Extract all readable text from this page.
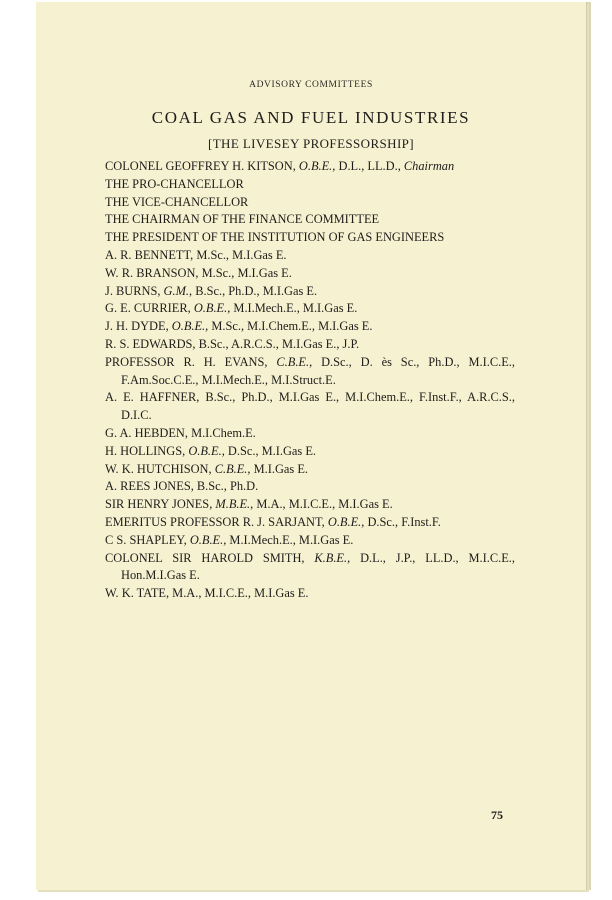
ADVISORY COMMITTEES
COAL GAS AND FUEL INDUSTRIES
[THE LIVESEY PROFESSORSHIP]
COLONEL GEOFFREY H. KITSON, O.B.E., D.L., LL.D., Chairman
THE PRO-CHANCELLOR
THE VICE-CHANCELLOR
THE CHAIRMAN OF THE FINANCE COMMITTEE
THE PRESIDENT OF THE INSTITUTION OF GAS ENGINEERS
A. R. BENNETT, M.Sc., M.I.Gas E.
W. R. BRANSON, M.Sc., M.I.Gas E.
J. BURNS, G.M., B.Sc., Ph.D., M.I.Gas E.
G. E. CURRIER, O.B.E., M.I.Mech.E., M.I.Gas E.
J. H. DYDE, O.B.E., M.Sc., M.I.Chem.E., M.I.Gas E.
R. S. EDWARDS, B.Sc., A.R.C.S., M.I.Gas E., J.P.
PROFESSOR R. H. EVANS, C.B.E., D.Sc., D. ès Sc., Ph.D., M.I.C.E., F.Am.Soc.C.E., M.I.Mech.E., M.I.Struct.E.
A. E. HAFFNER, B.Sc., Ph.D., M.I.Gas E., M.I.Chem.E., F.Inst.F., A.R.C.S., D.I.C.
G. A. HEBDEN, M.I.Chem.E.
H. HOLLINGS, O.B.E., D.Sc., M.I.Gas E.
W. K. HUTCHISON, C.B.E., M.I.Gas E.
A. REES JONES, B.Sc., Ph.D.
SIR HENRY JONES, M.B.E., M.A., M.I.C.E., M.I.Gas E.
EMERITUS PROFESSOR R. J. SARJANT, O.B.E., D.Sc., F.Inst.F.
C S. SHAPLEY, O.B.E., M.I.Mech.E., M.I.Gas E.
COLONEL SIR HAROLD SMITH, K.B.E., D.L., J.P., LL.D., M.I.C.E., Hon.M.I.Gas E.
W. K. TATE, M.A., M.I.C.E., M.I.Gas E.
75
